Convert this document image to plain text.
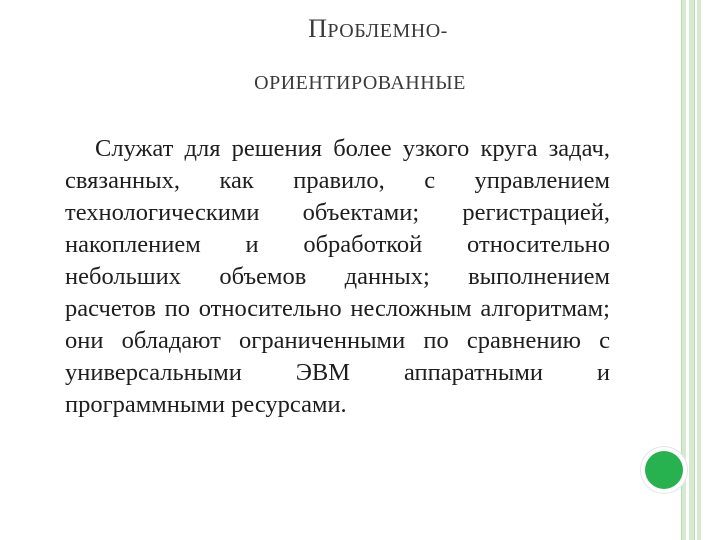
ПРОБЛЕМНО-
ОРИЕНТИРОВАННЫЕ

Служат для решения более узкого круга задач, связанных, как правило, с управлением технологическими объектами; регистрацией, накоплением и обработкой относительно небольших объемов данных; выполнением расчетов по относительно несложным алгоритмам; они обладают ограниченными по сравнению с универсальными ЭВМ аппаратными и программными ресурсами.
